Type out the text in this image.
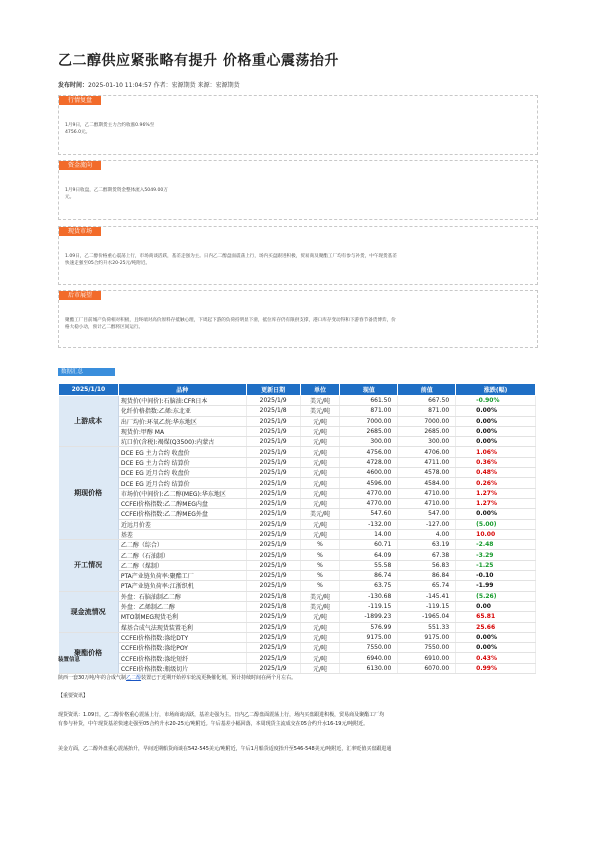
乙二醇供应紧张略有提升 价格重心震荡抬升
发布时间：2025-01-10 11:04:57 作者：宏源期货 来源：宏源期货
行情复盘
1月9日，乙二醇期货主力合约收涨0.96%至
4756.0元。
资金流向
1月9日收盘，乙二醇期货资金整体流入5049.00万
元。
现货市场
1.09日，乙二醇价格重心震荡上行，市场商谈活跃，基差走强为主。日内乙二醇盘面震荡上行，场内买盘跟进积极，贸易商及聚酯工厂均有参与补货，中午现货基差
快速走强至05合约升水20-25元/吨附近。
后市展望
聚酯工厂目前城产负荷相对积极，且终端对高价原料存抵触心理，下周起下游的负荷持明显下滑，抵位库存仍有限供支撑，港口库存变动得和下游春节备货博弈，价
格大稳小动，预计乙二醇将区间运行。
数据汇总
2025/1/10	品种	更新日期	单位	现值	前值	涨跌(幅)
上游成本	现货价(中间价):石脑油:CFR日本	2025/1/9	美元/吨	661.50	667.50	-0.90%
	化纤价格指数:乙烯:东北亚	2025/1/8	美元/吨	871.00	871.00	0.00%
	出厂均价:环氧乙烷:华东地区	2025/1/9	元/吨	7000.00	7000.00	0.00%
	现货价:甲醇 MA	2025/1/9	元/吨	2685.00	2685.00	0.00%
	坑口价(含税):褐煤(Q3500):内蒙古	2025/1/9	元/吨	300.00	300.00	0.00%
期现价格	DCE EG 主力合约 收盘价	2025/1/9	元/吨	4756.00	4706.00	1.06%
	DCE EG 主力合约 结算价	2025/1/9	元/吨	4728.00	4711.00	0.36%
	DCE EG 近月合约 收盘价	2025/1/9	元/吨	4600.00	4578.00	0.48%
	DCE EG 近月合约 结算价	2025/1/9	元/吨	4596.00	4584.00	0.26%
	市场价(中间价):乙二醇(MEG):华东地区	2025/1/9	元/吨	4770.00	4710.00	1.27%
	CCFEI价格指数:乙二醇MEG内盘	2025/1/9	元/吨	4770.00	4710.00	1.27%
	CCFEI价格指数:乙二醇MEG外盘	2025/1/9	美元/吨	547.60	547.00	0.00%
	近远月价差	2025/1/9	元/吨	-132.00	-127.00	(5.00)
	基差	2025/1/9	元/吨	14.00	4.00	10.00
开工情况	乙二醇（综合）	2025/1/9	%	60.71	63.19	-2.48
	乙二醇（石油制）	2025/1/9	%	64.09	67.38	-3.29
	乙二醇（煤制）	2025/1/9	%	55.58	56.83	-1.25
	PTA产业链负荷率:聚酯工厂	2025/1/9	%	86.74	86.84	-0.10
	PTA产业链负荷率:江浙织机	2025/1/9	%	63.75	65.74	-1.99
现金流情况	外盘：石脑油制乙二醇	2025/1/8	美元/吨	-130.68	-145.41	(5.26)
	外盘：乙烯制乙二醇	2025/1/8	美元/吨	-119.15	-119.15	0.00
	MTO制MEG现货毛利	2025/1/9	元/吨	-1899.23	-1965.04	65.81
	煤基合成气法现货装置毛利	2025/1/9	元/吨	576.99	551.33	25.66
聚酯价格	CCFEI价格指数:涤纶DTY	2025/1/9	元/吨	9175.00	9175.00	0.00%
	CCFEI价格指数:涤纶POY	2025/1/9	元/吨	7550.00	7550.00	0.00%
	CCFEI价格指数:涤纶短纤	2025/1/9	元/吨	6940.00	6910.00	0.43%
	CCFEI价格指数:瓶级切片	2025/1/9	元/吨	6130.00	6070.00	0.99%
装置信息
陕西一套30万吨/年的合成气制乙二醇装置已于近期开始停车轮流更换催化剂，预计持续时间在两个月左右。
【重要资讯】
现货资讯：1.09日，乙二醇价格重心震荡上行，市场商谈活跃，基差走强为主。日内乙二醇盘面震荡上行，场内买盘跟进积极，贸易商及聚酯工厂均
有参与补货，中午现货基差快速走强至05合约升水20-25元/吨附近。午后基差小幅回落，本周现货主流成交在05合约升水16-19元/吨附近。
美金方面，乙二醇外盘重心震荡抬升，早间近期船货商谈在542-545美元/吨附近，午后1月船货适度抬升至546-548美元/吨附近，汇率贬值买盘跟进通
